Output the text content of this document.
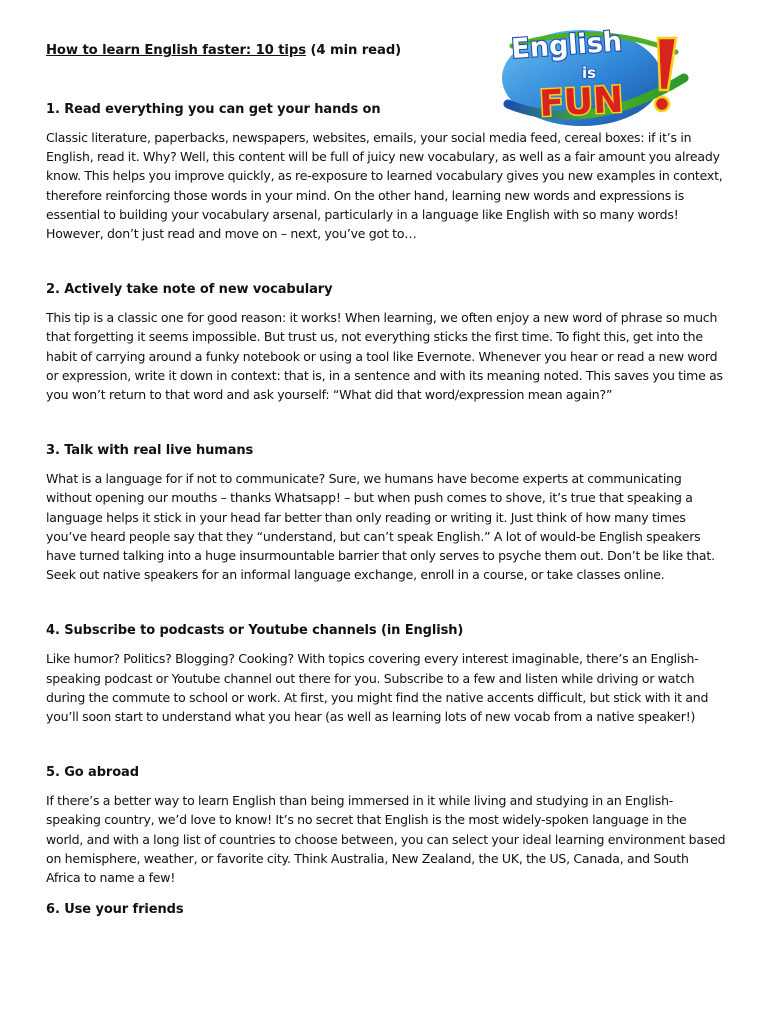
How to learn English faster: 10 tips (4 min read)	English
is
FUN

1. Read everything you can get your hands on

Classic literature, paperbacks, newspapers, websites, emails, your social media feed, cereal boxes: if it’s in English, read it. Why? Well, this content will be full of juicy new vocabulary, as well as a fair amount you already know. This helps you improve quickly, as re-exposure to learned vocabulary gives you new examples in context, therefore reinforcing those words in your mind. On the other hand, learning new words and expressions is essential to building your vocabulary arsenal, particularly in a language like English with so many words! However, don’t just read and move on – next, you’ve got to…

2. Actively take note of new vocabulary

This tip is a classic one for good reason: it works! When learning, we often enjoy a new word of phrase so much that forgetting it seems impossible. But trust us, not everything sticks the first time. To fight this, get into the habit of carrying around a funky notebook or using a tool like Evernote. Whenever you hear or read a new word or expression, write it down in context: that is, in a sentence and with its meaning noted. This saves you time as you won’t return to that word and ask yourself: “What did that word/expression mean again?”

3. Talk with real live humans

What is a language for if not to communicate? Sure, we humans have become experts at communicating without opening our mouths – thanks Whatsapp! – but when push comes to shove, it’s true that speaking a language helps it stick in your head far better than only reading or writing it. Just think of how many times you’ve heard people say that they “understand, but can’t speak English.” A lot of would-be English speakers have turned talking into a huge insurmountable barrier that only serves to psyche them out. Don’t be like that. Seek out native speakers for an informal language exchange, enroll in a course, or take classes online.

4. Subscribe to podcasts or Youtube channels (in English)

Like humor? Politics? Blogging? Cooking? With topics covering every interest imaginable, there’s an English-speaking podcast or Youtube channel out there for you. Subscribe to a few and listen while driving or watch during the commute to school or work. At first, you might find the native accents difficult, but stick with it and you’ll soon start to understand what you hear (as well as learning lots of new vocab from a native speaker!)

5. Go abroad

If there’s a better way to learn English than being immersed in it while living and studying in an English-speaking country, we’d love to know! It’s no secret that English is the most widely-spoken language in the world, and with a long list of countries to choose between, you can select your ideal learning environment based on hemisphere, weather, or favorite city. Think Australia, New Zealand, the UK, the US, Canada, and South Africa to name a few!

6. Use your friends
